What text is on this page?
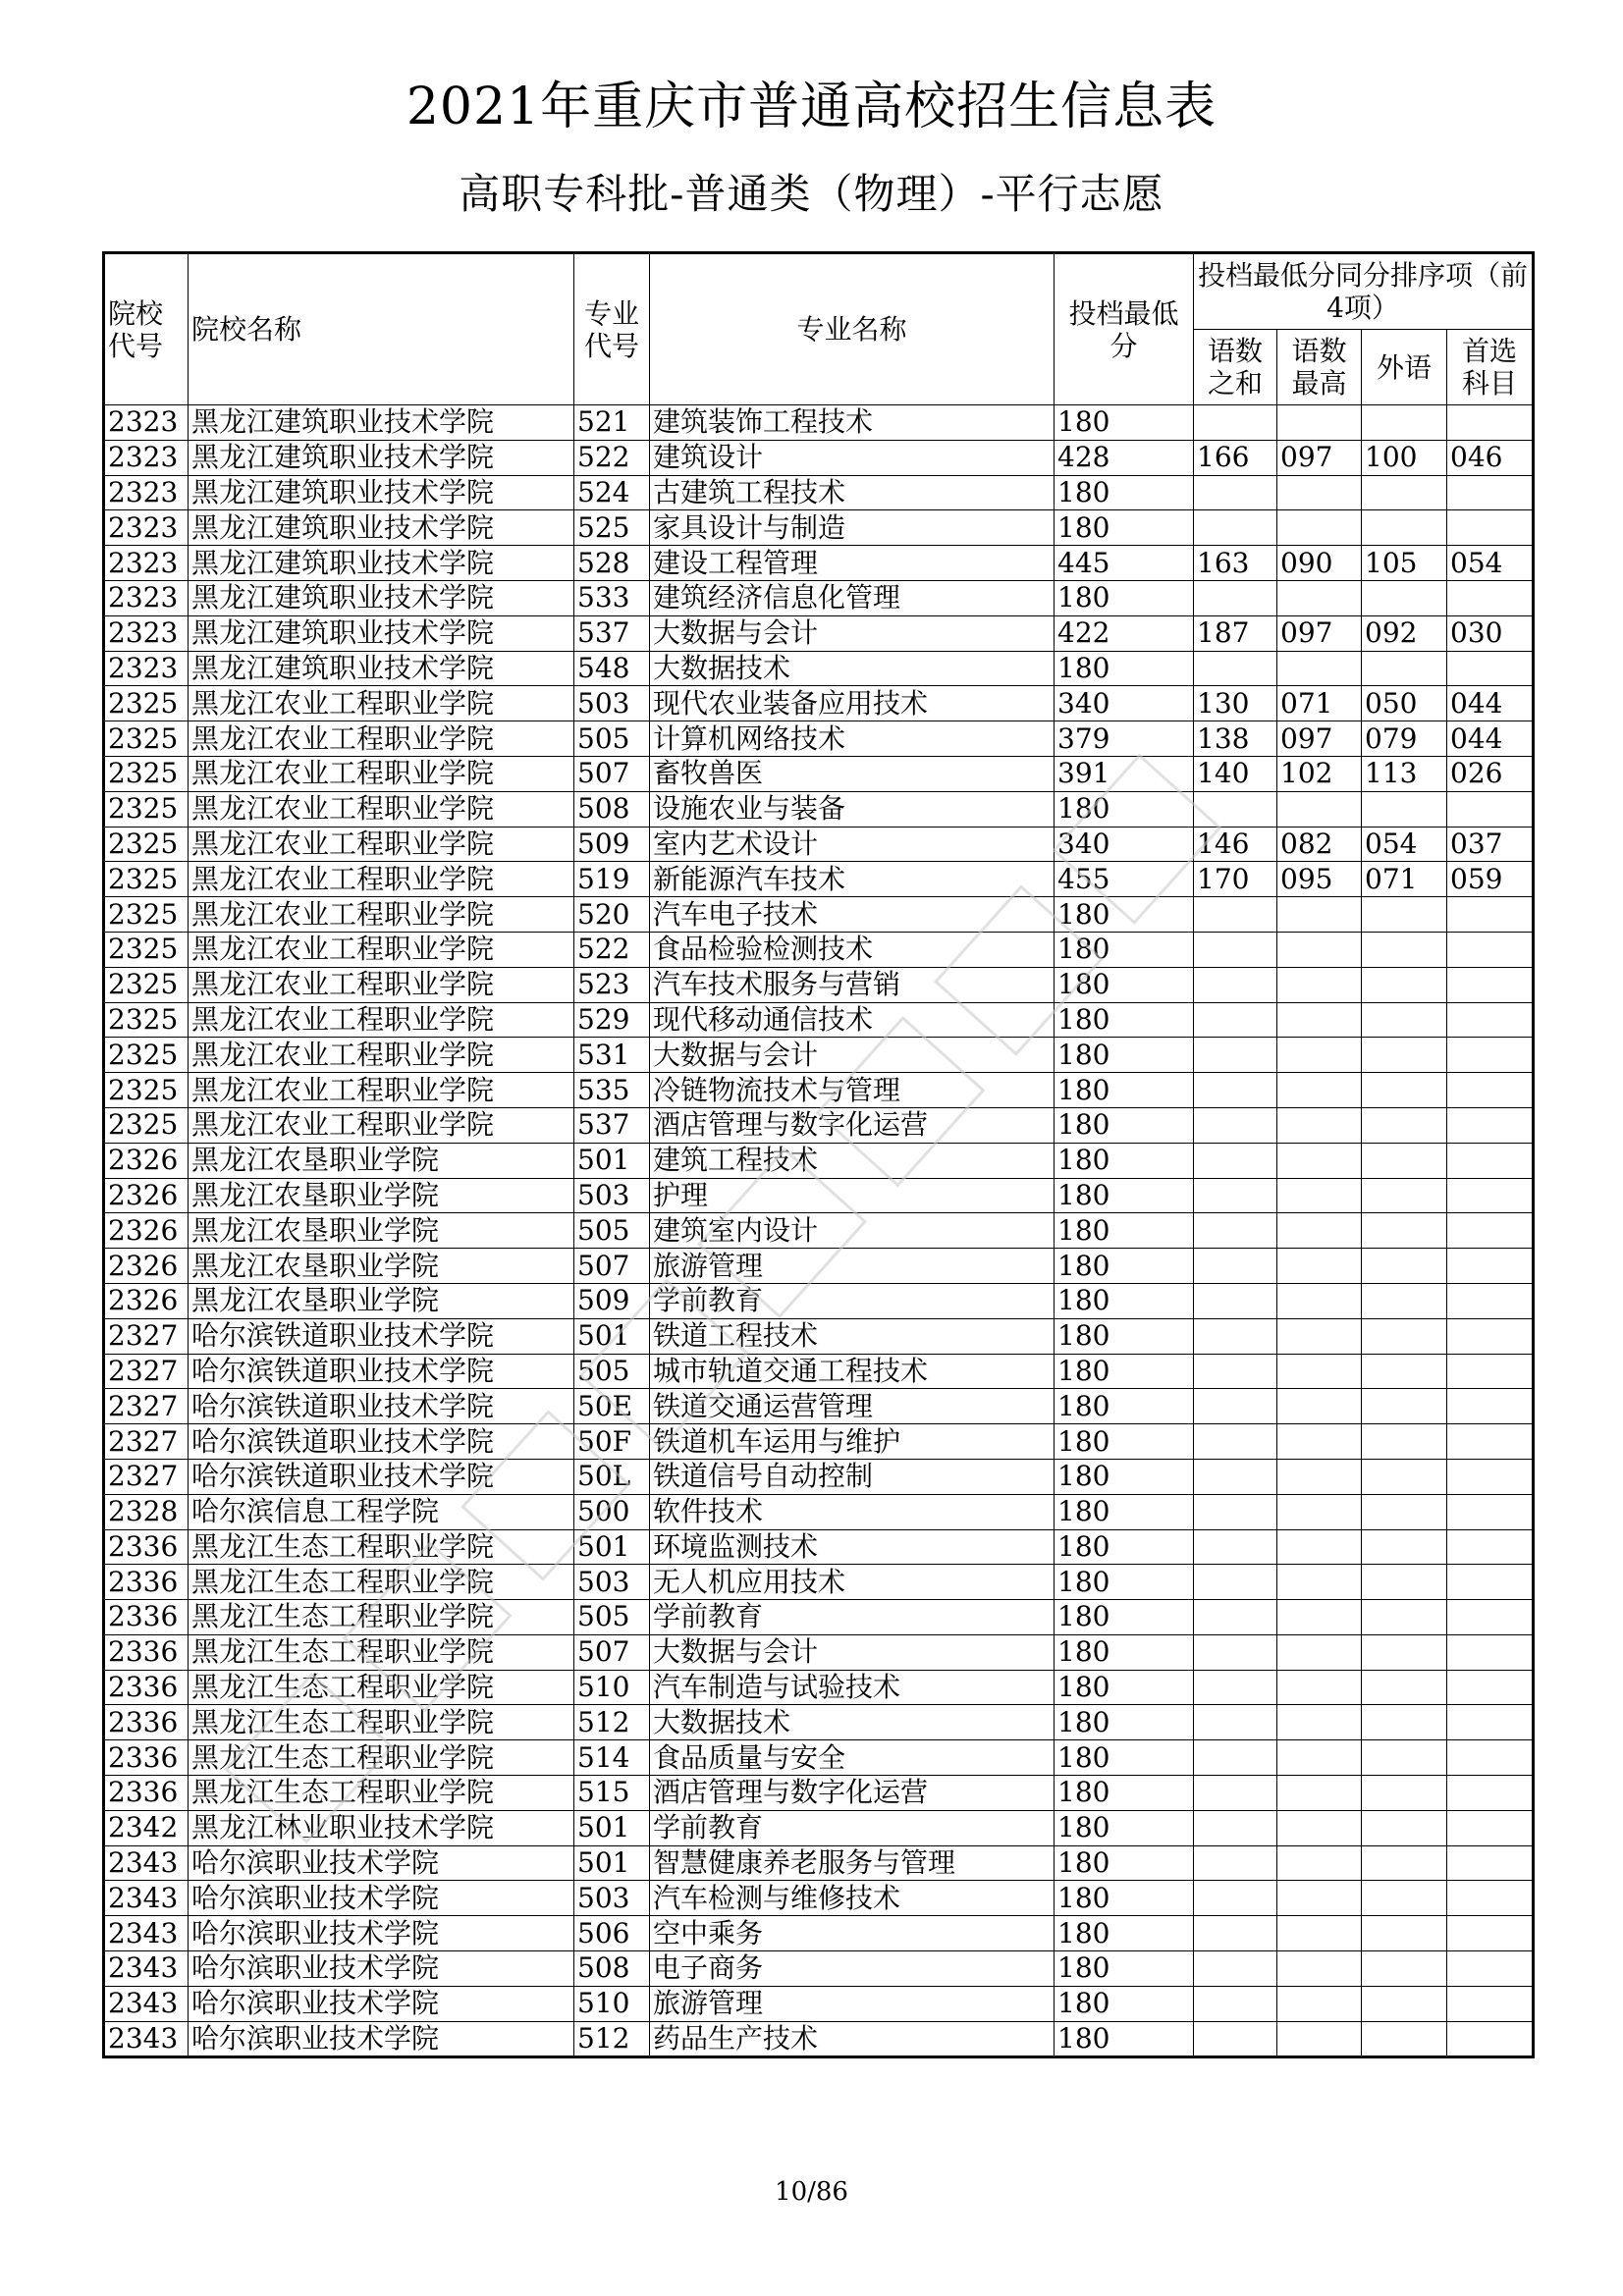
2021年重庆市普通高校招生信息表
高职专科批-普通类（物理）-平行志愿
院校代号	院校名称	专业代号	专业名称	投档最低分	投档最低分同分排序项（前4项）			
					语数之和	语数最高	外语	首选科目
2323	黑龙江建筑职业技术学院	521	建筑装饰工程技术	180				
2323	黑龙江建筑职业技术学院	522	建筑设计	428	166	097	100	046
2323	黑龙江建筑职业技术学院	524	古建筑工程技术	180				
2323	黑龙江建筑职业技术学院	525	家具设计与制造	180				
2323	黑龙江建筑职业技术学院	528	建设工程管理	445	163	090	105	054
2323	黑龙江建筑职业技术学院	533	建筑经济信息化管理	180				
2323	黑龙江建筑职业技术学院	537	大数据与会计	422	187	097	092	030
2323	黑龙江建筑职业技术学院	548	大数据技术	180				
2325	黑龙江农业工程职业学院	503	现代农业装备应用技术	340	130	071	050	044
2325	黑龙江农业工程职业学院	505	计算机网络技术	379	138	097	079	044
2325	黑龙江农业工程职业学院	507	畜牧兽医	391	140	102	113	026
2325	黑龙江农业工程职业学院	508	设施农业与装备	180				
2325	黑龙江农业工程职业学院	509	室内艺术设计	340	146	082	054	037
2325	黑龙江农业工程职业学院	519	新能源汽车技术	455	170	095	071	059
2325	黑龙江农业工程职业学院	520	汽车电子技术	180				
2325	黑龙江农业工程职业学院	522	食品检验检测技术	180				
2325	黑龙江农业工程职业学院	523	汽车技术服务与营销	180				
2325	黑龙江农业工程职业学院	529	现代移动通信技术	180				
2325	黑龙江农业工程职业学院	531	大数据与会计	180				
2325	黑龙江农业工程职业学院	535	冷链物流技术与管理	180				
2325	黑龙江农业工程职业学院	537	酒店管理与数字化运营	180				
2326	黑龙江农垦职业学院	501	建筑工程技术	180				
2326	黑龙江农垦职业学院	503	护理	180				
2326	黑龙江农垦职业学院	505	建筑室内设计	180				
2326	黑龙江农垦职业学院	507	旅游管理	180				
2326	黑龙江农垦职业学院	509	学前教育	180				
2327	哈尔滨铁道职业技术学院	501	铁道工程技术	180				
2327	哈尔滨铁道职业技术学院	505	城市轨道交通工程技术	180				
2327	哈尔滨铁道职业技术学院	50E	铁道交通运营管理	180				
2327	哈尔滨铁道职业技术学院	50F	铁道机车运用与维护	180				
2327	哈尔滨铁道职业技术学院	50L	铁道信号自动控制	180				
2328	哈尔滨信息工程学院	500	软件技术	180				
2336	黑龙江生态工程职业学院	501	环境监测技术	180				
2336	黑龙江生态工程职业学院	503	无人机应用技术	180				
2336	黑龙江生态工程职业学院	505	学前教育	180				
2336	黑龙江生态工程职业学院	507	大数据与会计	180				
2336	黑龙江生态工程职业学院	510	汽车制造与试验技术	180				
2336	黑龙江生态工程职业学院	512	大数据技术	180				
2336	黑龙江生态工程职业学院	514	食品质量与安全	180				
2336	黑龙江生态工程职业学院	515	酒店管理与数字化运营	180				
2342	黑龙江林业职业技术学院	501	学前教育	180				
2343	哈尔滨职业技术学院	501	智慧健康养老服务与管理	180				
2343	哈尔滨职业技术学院	503	汽车检测与维修技术	180				
2343	哈尔滨职业技术学院	506	空中乘务	180				
2343	哈尔滨职业技术学院	508	电子商务	180				
2343	哈尔滨职业技术学院	510	旅游管理	180				
2343	哈尔滨职业技术学院	512	药品生产技术	180				
10/86
